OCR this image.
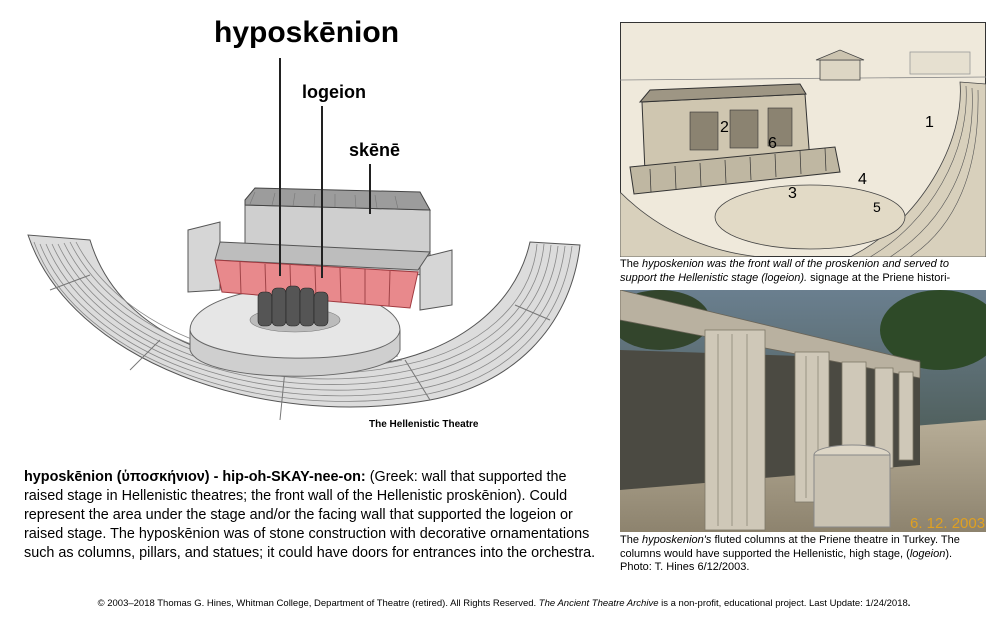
hyposkēnion
logeion
skēnē
The Hellenistic Theatre
hyposkēnion (ὑποσκήνιον) - hip-oh-SKAY-nee-on: (Greek: wall that supported the raised stage in Hellenistic theatres; the front wall of the Hellenistic proskēnion). Could represent the area under the stage and/or the facing wall that supported the logeion or raised stage. The hyposkēnion was of stone construction with decorative ornamentations such as columns, pillars, and statues; it could have doors for entrances into the orchestra.
1
2
3
4
5
6
The hyposkenion was the front wall of the proskenion and served to support the Hellenistic stage (logeion). signage at the Priene histori-
6. 12. 2003
The hyposkenion's fluted columns at the Priene theatre in Turkey. The columns would have supported the Hellenistic, high stage, (logeion). Photo: T. Hines 6/12/2003.
© 2003–2018 Thomas G. Hines, Whitman College, Department of Theatre (retired). All Rights Reserved. The Ancient Theatre Archive is a non-profit, educational project. Last Update: 1/24/2018.
